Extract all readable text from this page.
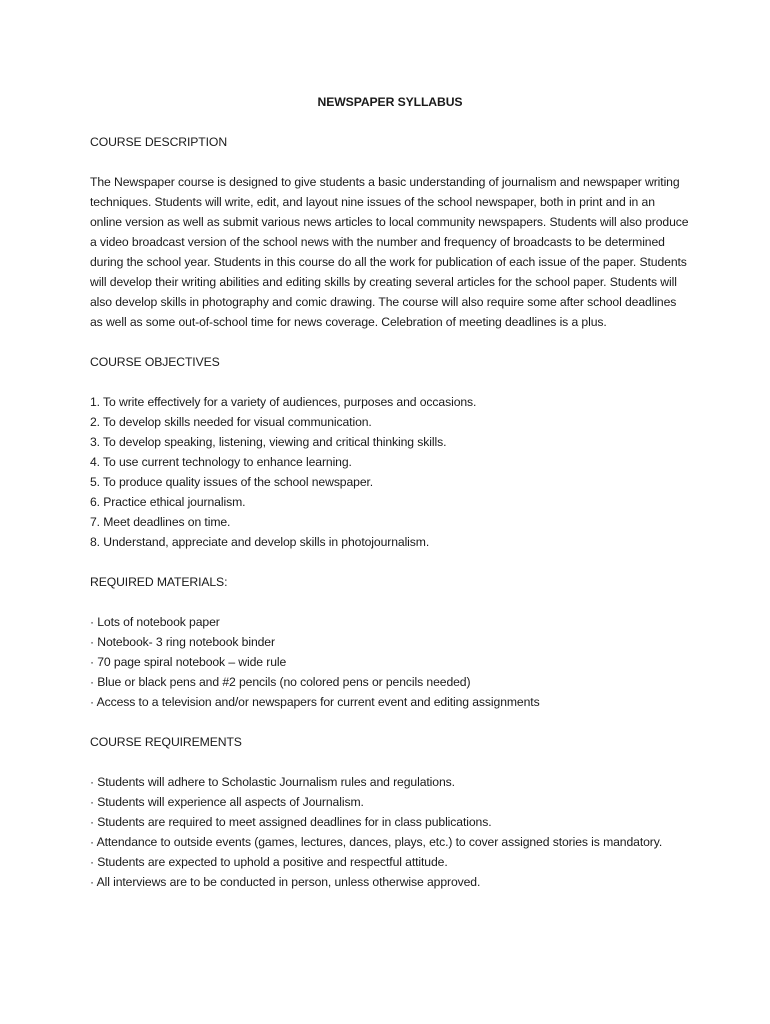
NEWSPAPER SYLLABUS
COURSE DESCRIPTION
The Newspaper course is designed to give students a basic understanding of journalism and newspaper writing techniques. Students will write, edit, and layout nine issues of the school newspaper, both in print and in an online version as well as submit various news articles to local community newspapers. Students will also produce a video broadcast version of the school news with the number and frequency of broadcasts to be determined during the school year. Students in this course do all the work for publication of each issue of the paper. Students will develop their writing abilities and editing skills by creating several articles for the school paper. Students will also develop skills in photography and comic drawing. The course will also require some after school deadlines as well as some out-of-school time for news coverage. Celebration of meeting deadlines is a plus.
COURSE OBJECTIVES
1. To write effectively for a variety of audiences, purposes and occasions.
2. To develop skills needed for visual communication.
3. To develop speaking, listening, viewing and critical thinking skills.
4. To use current technology to enhance learning.
5. To produce quality issues of the school newspaper.
6. Practice ethical journalism.
7. Meet deadlines on time.
8. Understand, appreciate and develop skills in photojournalism.
REQUIRED MATERIALS:
· Lots of notebook paper
· Notebook- 3 ring notebook binder
· 70 page spiral notebook – wide rule
· Blue or black pens and #2 pencils (no colored pens or pencils needed)
· Access to a television and/or newspapers for current event and editing assignments
COURSE REQUIREMENTS
· Students will adhere to Scholastic Journalism rules and regulations.
· Students will experience all aspects of Journalism.
· Students are required to meet assigned deadlines for in class publications.
· Attendance to outside events (games, lectures, dances, plays, etc.) to cover assigned stories is mandatory.
· Students are expected to uphold a positive and respectful attitude.
· All interviews are to be conducted in person, unless otherwise approved.
